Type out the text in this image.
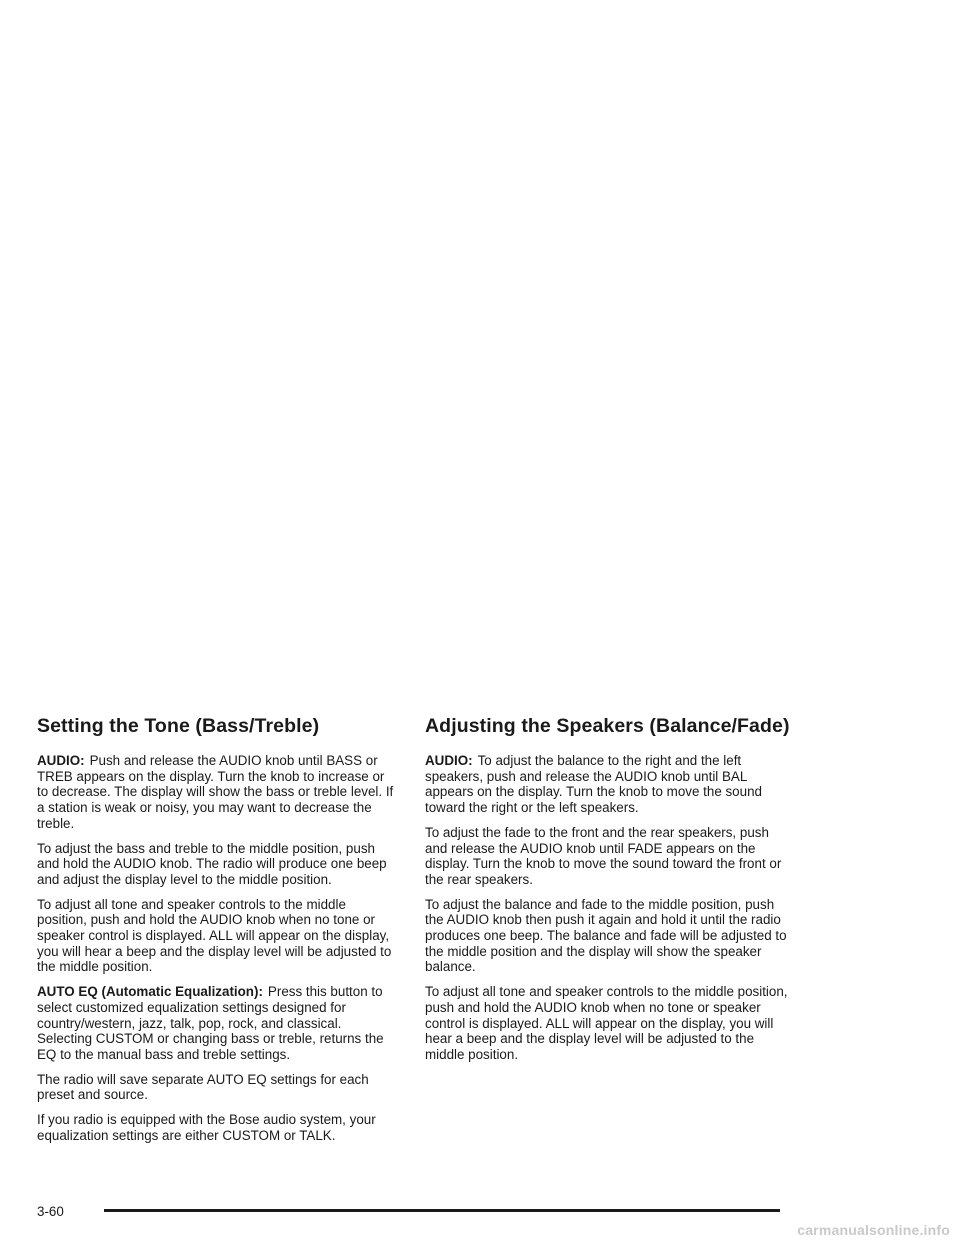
Setting the Tone (Bass/Treble)

AUDIO: Push and release the AUDIO knob until BASS or TREB appears on the display. Turn the knob to increase or to decrease. The display will show the bass or treble level. If a station is weak or noisy, you may want to decrease the treble.

To adjust the bass and treble to the middle position, push and hold the AUDIO knob. The radio will produce one beep and adjust the display level to the middle position.

To adjust all tone and speaker controls to the middle position, push and hold the AUDIO knob when no tone or speaker control is displayed. ALL will appear on the display, you will hear a beep and the display level will be adjusted to the middle position.

AUTO EQ (Automatic Equalization): Press this button to select customized equalization settings designed for country/western, jazz, talk, pop, rock, and classical. Selecting CUSTOM or changing bass or treble, returns the EQ to the manual bass and treble settings.

The radio will save separate AUTO EQ settings for each preset and source.

If you radio is equipped with the Bose audio system, your equalization settings are either CUSTOM or TALK.

Adjusting the Speakers (Balance/Fade)

AUDIO: To adjust the balance to the right and the left speakers, push and release the AUDIO knob until BAL appears on the display. Turn the knob to move the sound toward the right or the left speakers.

To adjust the fade to the front and the rear speakers, push and release the AUDIO knob until FADE appears on the display. Turn the knob to move the sound toward the front or the rear speakers.

To adjust the balance and fade to the middle position, push the AUDIO knob then push it again and hold it until the radio produces one beep. The balance and fade will be adjusted to the middle position and the display will show the speaker balance.

To adjust all tone and speaker controls to the middle position, push and hold the AUDIO knob when no tone or speaker control is displayed. ALL will appear on the display, you will hear a beep and the display level will be adjusted to the middle position.

3-60
carmanualsonline.info
